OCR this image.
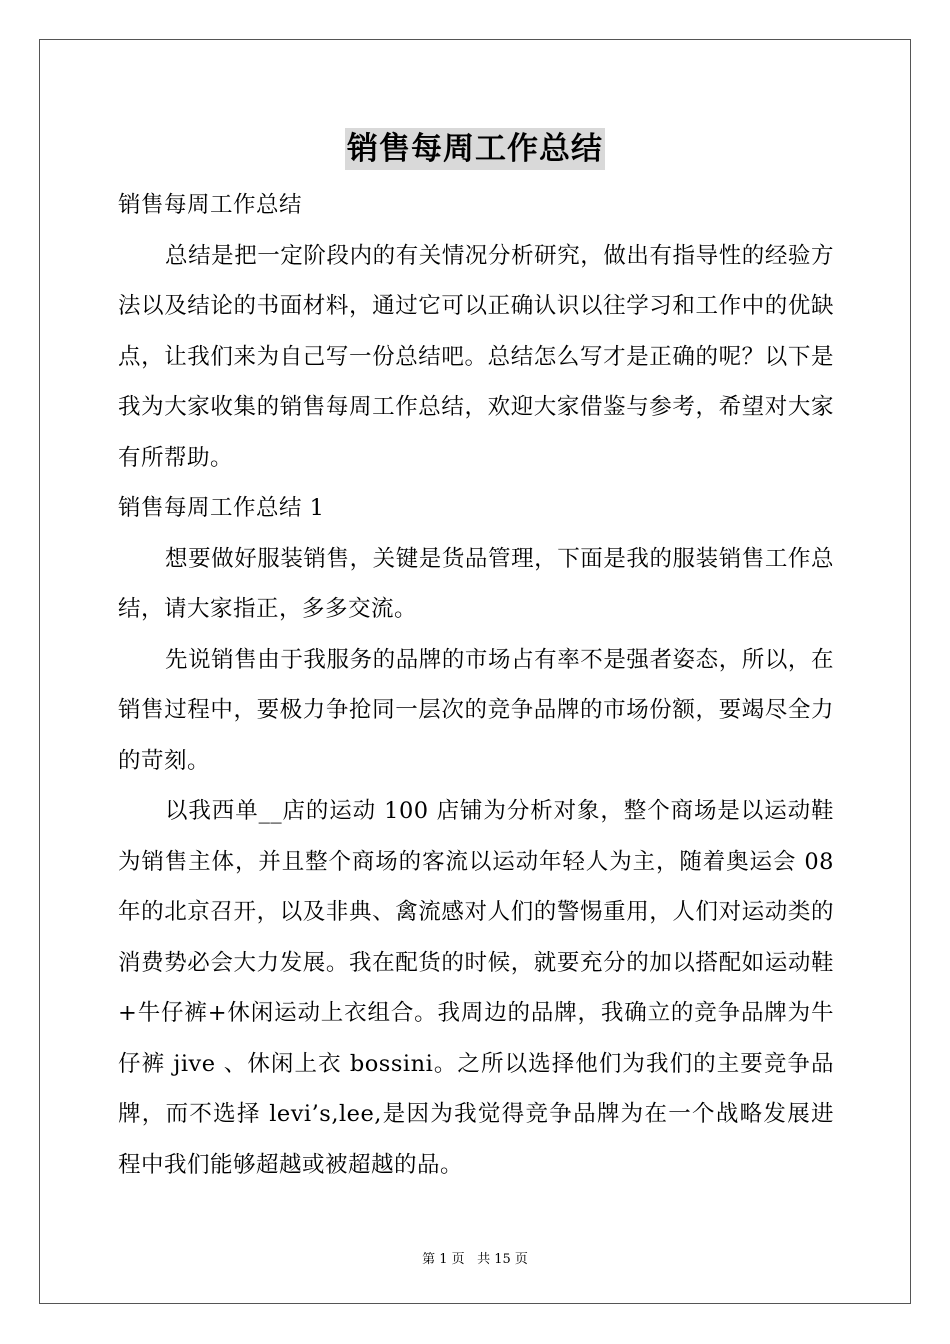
销售每周工作总结

销售每周工作总结

总结是把一定阶段内的有关情况分析研究，做出有指导性的经验方法以及结论的书面材料，通过它可以正确认识以往学习和工作中的优缺点，让我们来为自己写一份总结吧。总结怎么写才是正确的呢？以下是我为大家收集的销售每周工作总结，欢迎大家借鉴与参考，希望对大家有所帮助。

销售每周工作总结 1

想要做好服装销售，关键是货品管理，下面是我的服装销售工作总结，请大家指正，多多交流。

先说销售由于我服务的品牌的市场占有率不是强者姿态，所以，在销售过程中，要极力争抢同一层次的竞争品牌的市场份额，要竭尽全力的苛刻。

以我西单__店的运动 100 店铺为分析对象，整个商场是以运动鞋为销售主体，并且整个商场的客流以运动年轻人为主，随着奥运会 08 年的北京召开，以及非典、禽流感对人们的警惕重用，人们对运动类的消费势必会大力发展。我在配货的时候，就要充分的加以搭配如运动鞋+牛仔裤+休闲运动上衣组合。我周边的品牌，我确立的竞争品牌为牛仔裤 jive 、休闲上衣 bossini。之所以选择他们为我们的主要竞争品牌，而不选择 levi’s,lee,是因为我觉得竞争品牌为在一个战略发展进程中我们能够超越或被超越的品。

第 1 页 共 15 页
